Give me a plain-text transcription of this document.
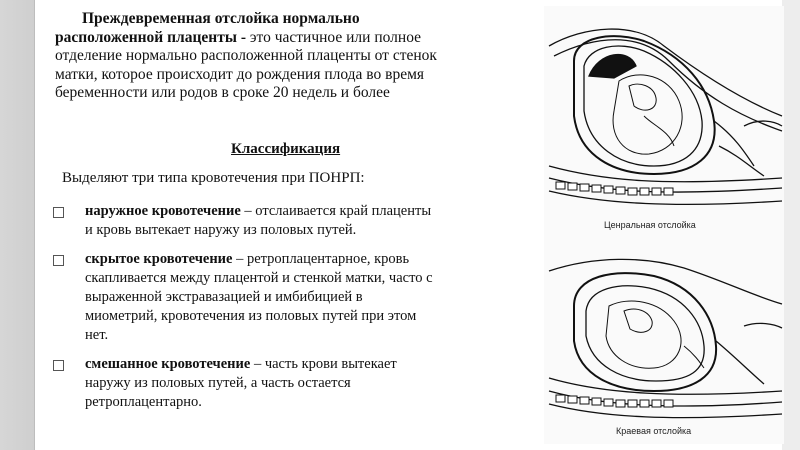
Преждевременная отслойка нормально
расположенной плаценты - это частичное или полное
отделение нормально расположенной плаценты от стенок
матки, которое происходит до рождения плода во время
беременности или родов в сроке 20 недель и более
Классификация
Выделяют три типа кровотечения при ПОНРП:
наружное кровотечение – отслаивается край плаценты
и кровь вытекает наружу из половых путей.
скрытое кровотечение – ретроплацентарное, кровь
скапливается между плацентой и стенкой матки, часто с
выраженной экстравазацией и имбибицией в
миометрий, кровотечения из половых путей при этом
нет.
смешанное кровотечение – часть крови вытекает
наружу из половых путей, а часть остается
ретроплацентарно.
Ценральная отслойка
Краевая отслойка
